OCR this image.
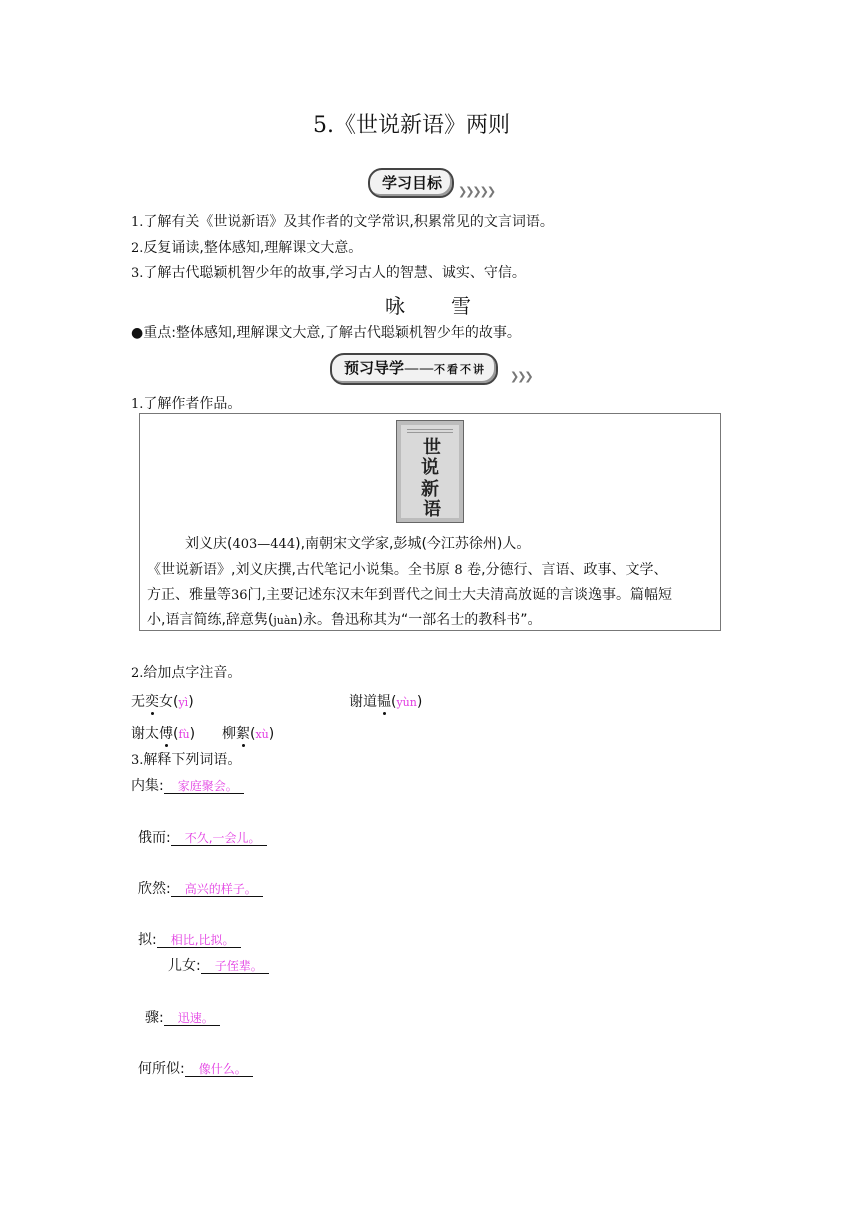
5.《世说新语》两则
学习目标	❯❯❯❯❯
1.了解有关《世说新语》及其作者的文学常识,积累常见的文言词语。
2.反复诵读,整体感知,理解课文大意。
3.了解古代聪颖机智少年的故事,学习古人的智慧、诚实、守信。
咏 雪
●重点:整体感知,理解课文大意,了解古代聪颖机智少年的故事。
预习导学——不看不讲
❯❯❯
1.了解作者作品。
世
说
新
语
刘义庆(403—444),南朝宋文学家,彭城(今江苏徐州)人。
《世说新语》,刘义庆撰,古代笔记小说集。全书原 8 卷,分德行、言语、政事、文学、
方正、雅量等36门,主要记述东汉末年到晋代之间士大夫清高放诞的言谈逸事。篇幅短
小,语言简练,辞意隽(juàn)永。鲁迅称其为“一部名士的教科书”。
2.给加点字注音。
无奕女(yì)	谢道韫(yùn)
谢太傅(fù) 柳絮(xù)
3.解释下列词语。
内集: 家庭聚会。
俄而: 不久,一会儿。
欣然: 高兴的样子。
拟: 相比,比拟。
儿女: 子侄辈。
骤: 迅速。
何所似: 像什么。
